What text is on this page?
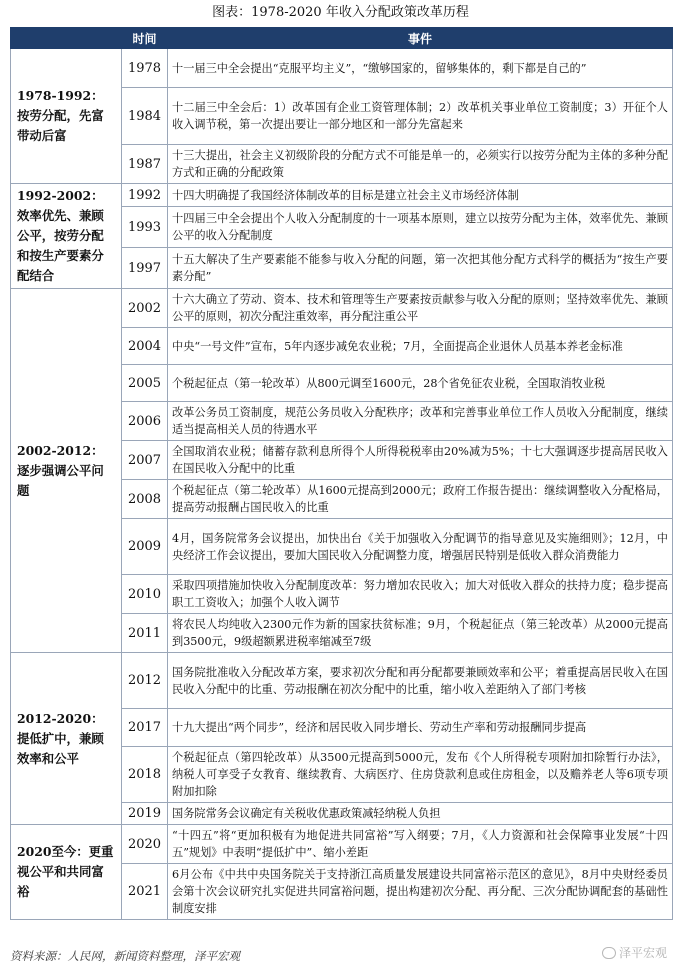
图表：1978-2020 年收入分配政策改革历程
	时间	事件
1978-1992：按劳分配，先富带动后富	1978	十一届三中全会提出“克服平均主义”，“缴够国家的，留够集体的，剩下都是自己的”
	1984	十二届三中全会后：1）改革国有企业工资管理体制；2）改革机关事业单位工资制度；3）开征个人收入调节税，第一次提出要让一部分地区和一部分先富起来
	1987	十三大提出，社会主义初级阶段的分配方式不可能是单一的，必须实行以按劳分配为主体的多种分配方式和正确的分配政策
1992-2002：效率优先、兼顾公平，按劳分配和按生产要素分配结合	1992	十四大明确提了我国经济体制改革的目标是建立社会主义市场经济体制
	1993	十四届三中全会提出个人收入分配制度的十一项基本原则，建立以按劳分配为主体，效率优先、兼顾公平的收入分配制度
	1997	十五大解决了生产要素能不能参与收入分配的问题，第一次把其他分配方式科学的概括为“按生产要素分配”
2002-2012：逐步强调公平问题	2002	十六大确立了劳动、资本、技术和管理等生产要素按贡献参与收入分配的原则；坚持效率优先、兼顾公平的原则，初次分配注重效率，再分配注重公平
	2004	中央“一号文件”宣布，5年内逐步减免农业税；7月，全面提高企业退休人员基本养老金标准
	2005	个税起征点（第一轮改革）从800元调至1600元，28个省免征农业税，全国取消牧业税
	2006	改革公务员工资制度，规范公务员收入分配秩序；改革和完善事业单位工作人员收入分配制度，继续适当提高相关人员的待遇水平
	2007	全国取消农业税；储蓄存款利息所得个人所得税税率由20%减为5%；十七大强调逐步提高居民收入在国民收入分配中的比重
	2008	个税起征点（第二轮改革）从1600元提高到2000元；政府工作报告提出：继续调整收入分配格局，提高劳动报酬占国民收入的比重
	2009	4月，国务院常务会议提出，加快出台《关于加强收入分配调节的指导意见及实施细则》；12月，中央经济工作会议提出，要加大国民收入分配调整力度，增强居民特别是低收入群众消费能力
	2010	采取四项措施加快收入分配制度改革：努力增加农民收入；加大对低收入群众的扶持力度；稳步提高职工工资收入；加强个人收入调节
	2011	将农民人均纯收入2300元作为新的国家扶贫标准；9月，个税起征点（第三轮改革）从2000元提高到3500元，9级超额累进税率缩减至7级
2012-2020：提低扩中，兼顾效率和公平	2012	国务院批准收入分配改革方案，要求初次分配和再分配都要兼顾效率和公平；着重提高居民收入在国民收入分配中的比重、劳动报酬在初次分配中的比重，缩小收入差距纳入了部门考核
	2017	十九大提出“两个同步”，经济和居民收入同步增长、劳动生产率和劳动报酬同步提高
	2018	个税起征点（第四轮改革）从3500元提高到5000元，发布《个人所得税专项附加扣除暂行办法》，纳税人可享受子女教育、继续教育、大病医疗、住房贷款利息或住房租金，以及赡养老人等6项专项附加扣除
	2019	国务院常务会议确定有关税收优惠政策减轻纳税人负担
2020至今：更重视公平和共同富裕	2020	“十四五”将“更加积极有为地促进共同富裕”写入纲要；7月，《人力资源和社会保障事业发展“十四五”规划》中表明“提低扩中”、缩小差距
	2021	6月公布《中共中央国务院关于支持浙江高质量发展建设共同富裕示范区的意见》，8月中央财经委员会第十次会议研究扎实促进共同富裕问题，提出构建初次分配、再分配、三次分配协调配套的基础性制度安排
资料来源：人民网，新闻资料整理，泽平宏观	泽平宏观
